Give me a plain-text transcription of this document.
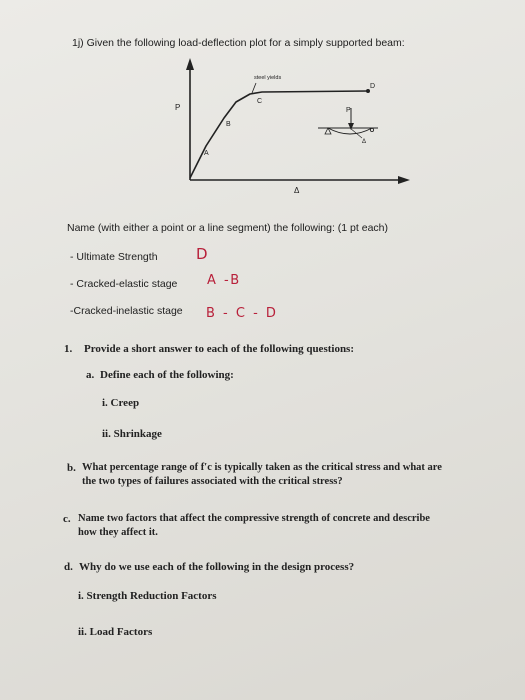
1j) Given the following load-deflection plot for a simply supported beam:
A
B
C
D
steel yields
P
Δ
P
Δ
Name (with either a point or a line segment) the following: (1 pt each)
- Ultimate Strength	D
- Cracked-elastic stage A -B
-Cracked-inelastic stage B - C - D
1. Provide a short answer to each of the following questions:
a. Define each of the following:
i. Creep
ii. Shrinkage
b. What percentage range of f′c is typically taken as the critical stress and what are
the two types of failures associated with the critical stress?
c. Name two factors that affect the compressive strength of concrete and describe
how they affect it.
d. Why do we use each of the following in the design process?
i. Strength Reduction Factors
ii. Load Factors
